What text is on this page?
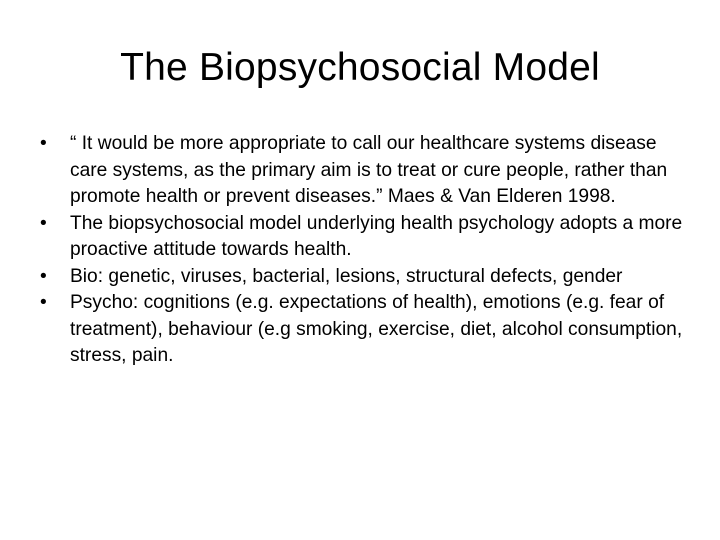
The Biopsychosocial Model
•	“ It would be more appropriate to call our healthcare systems disease care systems, as the primary aim is to treat or cure people, rather than promote health or prevent diseases.” Maes & Van Elderen 1998.
•	The biopsychosocial model underlying health psychology adopts a more proactive attitude towards health.
•	Bio: genetic, viruses, bacterial, lesions, structural defects, gender
•	Psycho: cognitions (e.g. expectations of health), emotions (e.g. fear of treatment), behaviour (e.g smoking, exercise, diet, alcohol consumption, stress, pain.
